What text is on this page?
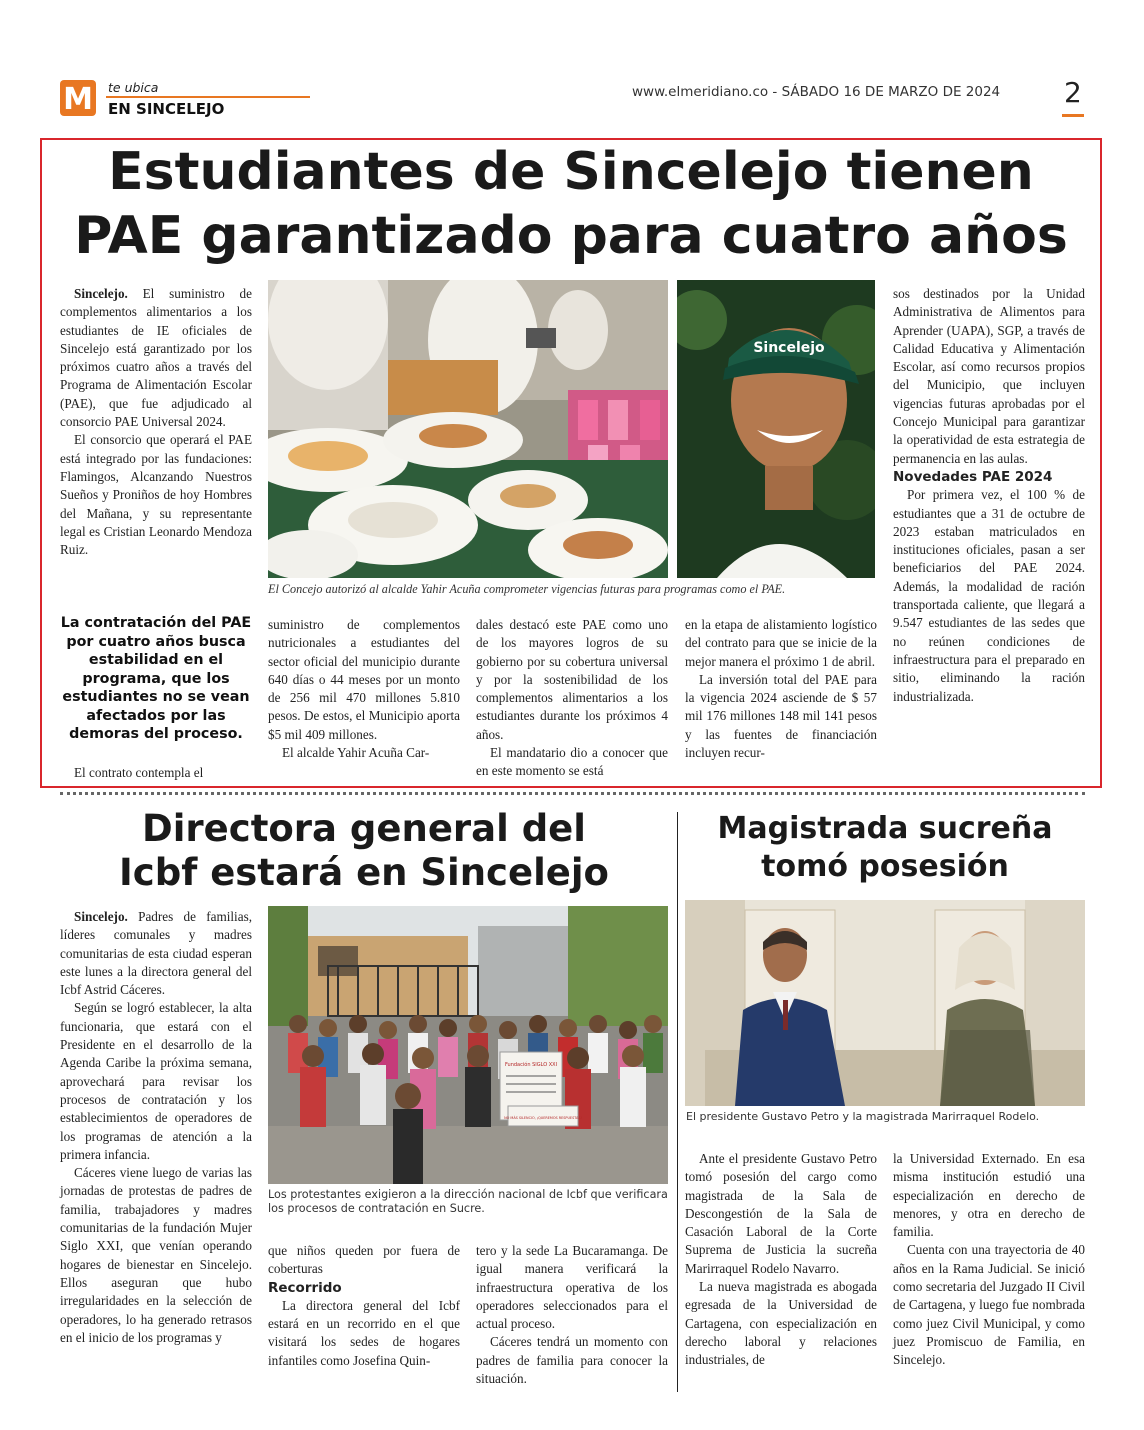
M te ubica
EN SINCELEJO
www.elmeridiano.co - SÁBADO 16 DE MARZO DE 2024 2
Estudiantes de Sincelejo tienen
PAE garantizado para cuatro años

Sincelejo. El suministro de complementos alimentarios a los estudiantes de IE oficiales de Sincelejo está garantizado por los próximos cuatro años a través del Programa de Alimentación Escolar (PAE), que fue adjudicado al consorcio PAE Universal 2024.

El consorcio que operará el PAE está integrado por las fundaciones: Flamingos, Alcanzando Nuestros Sueños y Proniños de hoy Hombres del Mañana, y su representante legal es Cristian Leonardo Mendoza Ruiz.

La contratación del PAE por cuatro años busca estabilidad en el programa, que los estudiantes no se vean afectados por las demoras del proceso.

El contrato contempla el

Sincelejo
El Concejo autorizó al alcalde Yahir Acuña comprometer vigencias futuras para programas como el PAE.

suministro de complementos nutricionales a estudiantes del sector oficial del municipio durante 640 días o 44 meses por un monto de 256 mil 470 millones 5.810 pesos. De estos, el Municipio aporta $5 mil 409 millones.

El alcalde Yahir Acuña Car-

dales destacó este PAE como uno de los mayores logros de su gobierno por su cobertura universal y por la sostenibilidad de los complementos alimentarios a los estudiantes durante los próximos 4 años.

El mandatario dio a conocer que en este momento se está

en la etapa de alistamiento logístico del contrato para que se inicie de la mejor manera el próximo 1 de abril.

La inversión total del PAE para la vigencia 2024 asciende de $ 57 mil 176 millones 148 mil 141 pesos y las fuentes de financiación incluyen recur-

sos destinados por la Unidad Administrativa de Alimentos para Aprender (UAPA), SGP, a través de Calidad Educativa y Alimentación Escolar, así como recursos propios del Municipio, que incluyen vigencias futuras aprobadas por el Concejo Municipal para garantizar la operatividad de esta estrategia de permanencia en las aulas.

Novedades PAE 2024

Por primera vez, el 100 % de estudiantes que a 31 de octubre de 2023 estaban matriculados en instituciones oficiales, pasan a ser beneficiarios del PAE 2024. Además, la modalidad de ración transportada caliente, que llegará a 9.547 estudiantes de las sedes que no reúnen condiciones de infraestructura para el preparado en sitio, eliminando la ración industrializada.

Directora general del
Icbf estará en Sincelejo

Sincelejo. Padres de familias, líderes comunales y madres comunitarias de esta ciudad esperan este lunes a la directora general del Icbf Astrid Cáceres.

Según se logró establecer, la alta funcionaria, que estará con el Presidente en el desarrollo de la Agenda Caribe la próxima semana, aprovechará para revisar los procesos de contratación y los establecimientos de operadores de los programas de atención a la primera infancia.

Cáceres viene luego de varias las jornadas de protestas de padres de familia, trabajadores y madres comunitarias de la fundación Mujer Siglo XXI, que venían operando hogares de bienestar en Sincelejo. Ellos aseguran que hubo irregularidades en la selección de operadores, lo ha generado retrasos en el inicio de los programas y

Fundación SIGLO XXI
NO MÁS SILENCIO, ¡QUEREMOS RESPUESTAS!
Los protestantes exigieron a la dirección nacional de Icbf que verificara los procesos de contratación en Sucre.

que niños queden por fuera de coberturas

Recorrido

La directora general del Icbf estará en un recorrido en el que visitará los sedes de hogares infantiles como Josefina Quin-

tero y la sede La Bucaramanga. De igual manera verificará la infraestructura operativa de los operadores seleccionados para el actual proceso.

Cáceres tendrá un momento con padres de familia para conocer la situación.

Magistrada sucreña
tomó posesión
El presidente Gustavo Petro y la magistrada Marirraquel Rodelo.

Ante el presidente Gustavo Petro tomó posesión del cargo como magistrada de la Sala de Descongestión de la Sala de Casación Laboral de la Corte Suprema de Justicia la sucreña Marirraquel Rodelo Navarro.

La nueva magistrada es abogada egresada de la Universidad de Cartagena, con especialización en derecho laboral y relaciones industriales, de

la Universidad Externado. En esa misma institución estudió una especialización en derecho de menores, y otra en derecho de familia.

Cuenta con una trayectoria de 40 años en la Rama Judicial. Se inició como secretaria del Juzgado II Civil de Cartagena, y luego fue nombrada como juez Civil Municipal, y como juez Promiscuo de Familia, en Sincelejo.
